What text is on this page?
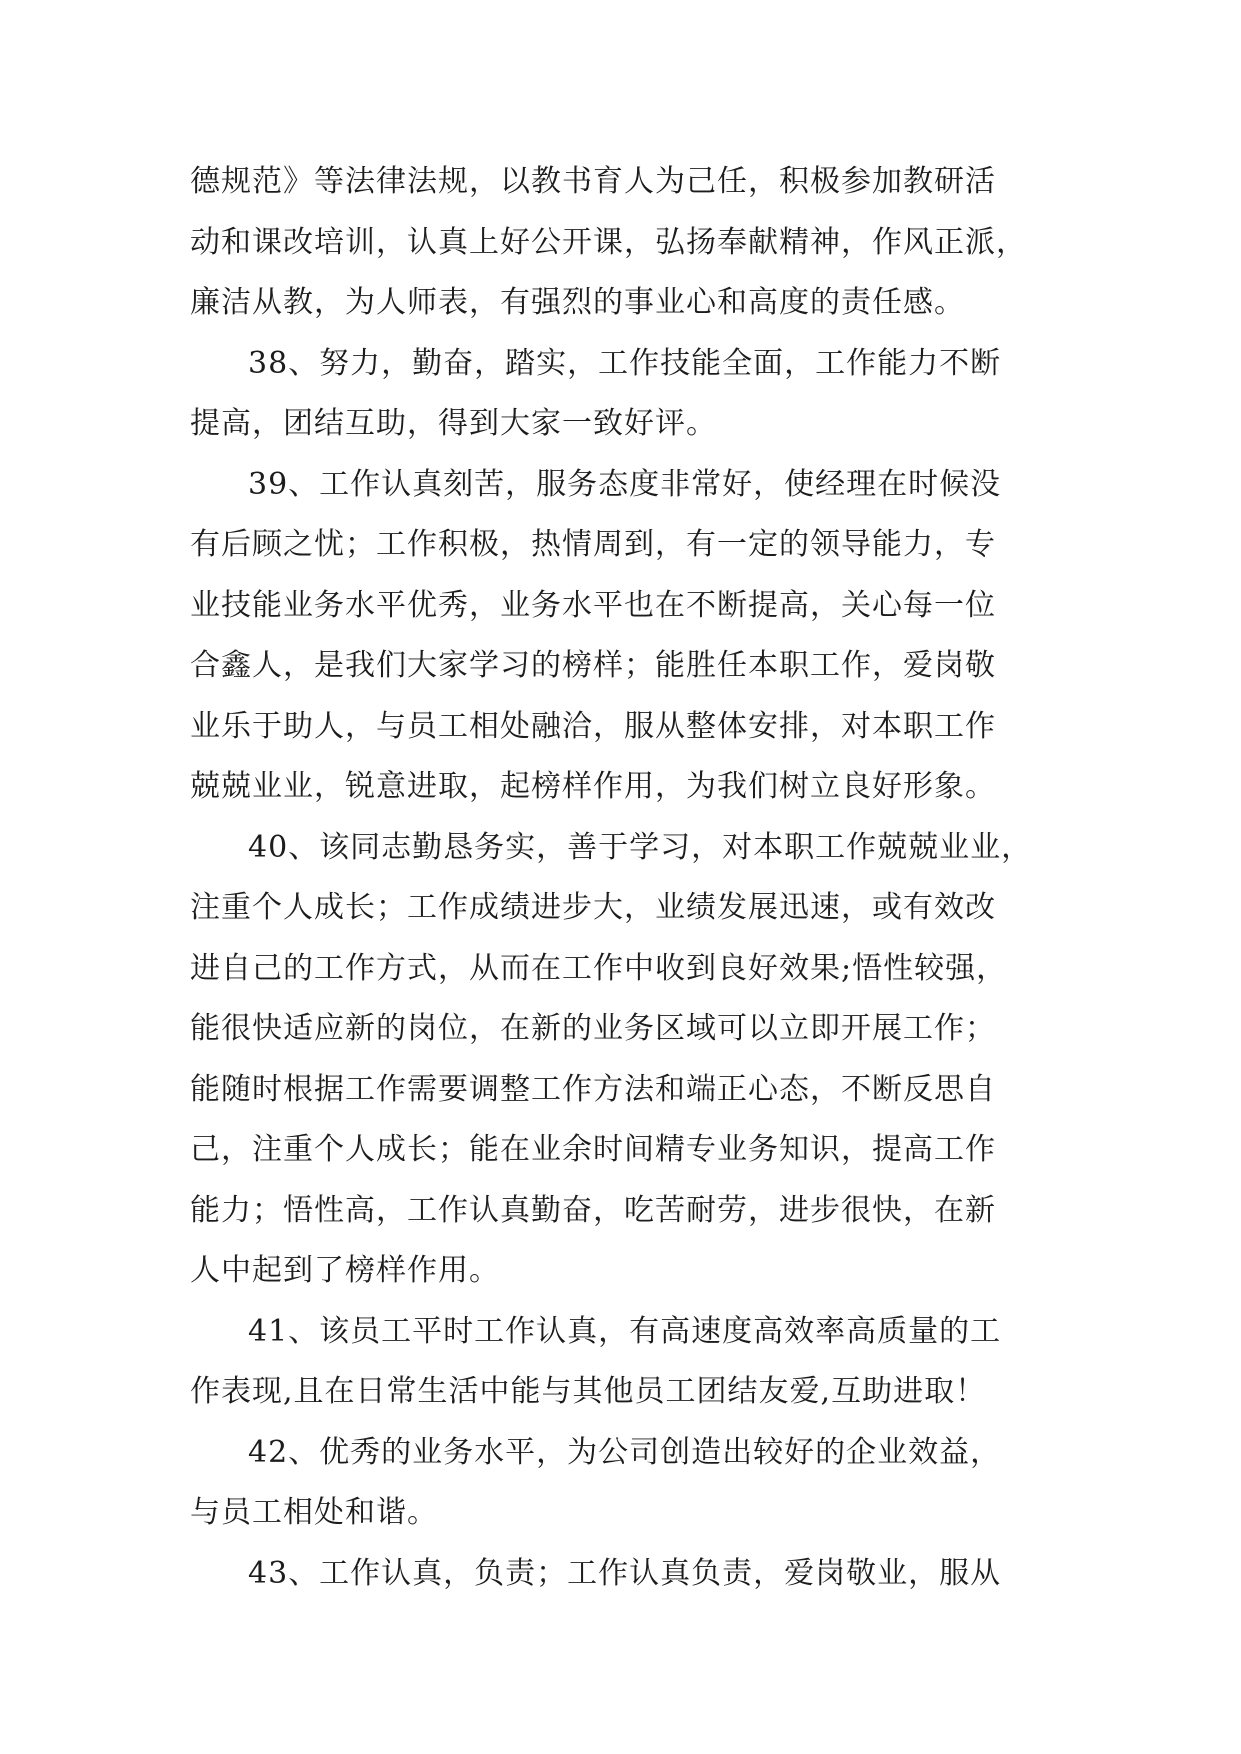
德规范》等法律法规，以教书育人为己任，积极参加教研活
动和课改培训，认真上好公开课，弘扬奉献精神，作风正派，
廉洁从教，为人师表，有强烈的事业心和高度的责任感。
38、努力，勤奋，踏实，工作技能全面，工作能力不断
提高，团结互助，得到大家一致好评。
39、工作认真刻苦，服务态度非常好，使经理在时候没
有后顾之忧；工作积极，热情周到，有一定的领导能力，专
业技能业务水平优秀，业务水平也在不断提高，关心每一位
合鑫人，是我们大家学习的榜样；能胜任本职工作，爱岗敬
业乐于助人，与员工相处融洽，服从整体安排，对本职工作
兢兢业业，锐意进取，起榜样作用，为我们树立良好形象。
40、该同志勤恳务实，善于学习，对本职工作兢兢业业，
注重个人成长；工作成绩进步大，业绩发展迅速，或有效改
进自己的工作方式，从而在工作中收到良好效果;悟性较强，
能很快适应新的岗位，在新的业务区域可以立即开展工作；
能随时根据工作需要调整工作方法和端正心态，不断反思自
己，注重个人成长；能在业余时间精专业务知识，提高工作
能力；悟性高，工作认真勤奋，吃苦耐劳，进步很快，在新
人中起到了榜样作用。
41、该员工平时工作认真，有高速度高效率高质量的工
作表现,且在日常生活中能与其他员工团结友爱,互助进取！
42、优秀的业务水平，为公司创造出较好的企业效益，
与员工相处和谐。
43、工作认真，负责；工作认真负责，爱岗敬业，服从
